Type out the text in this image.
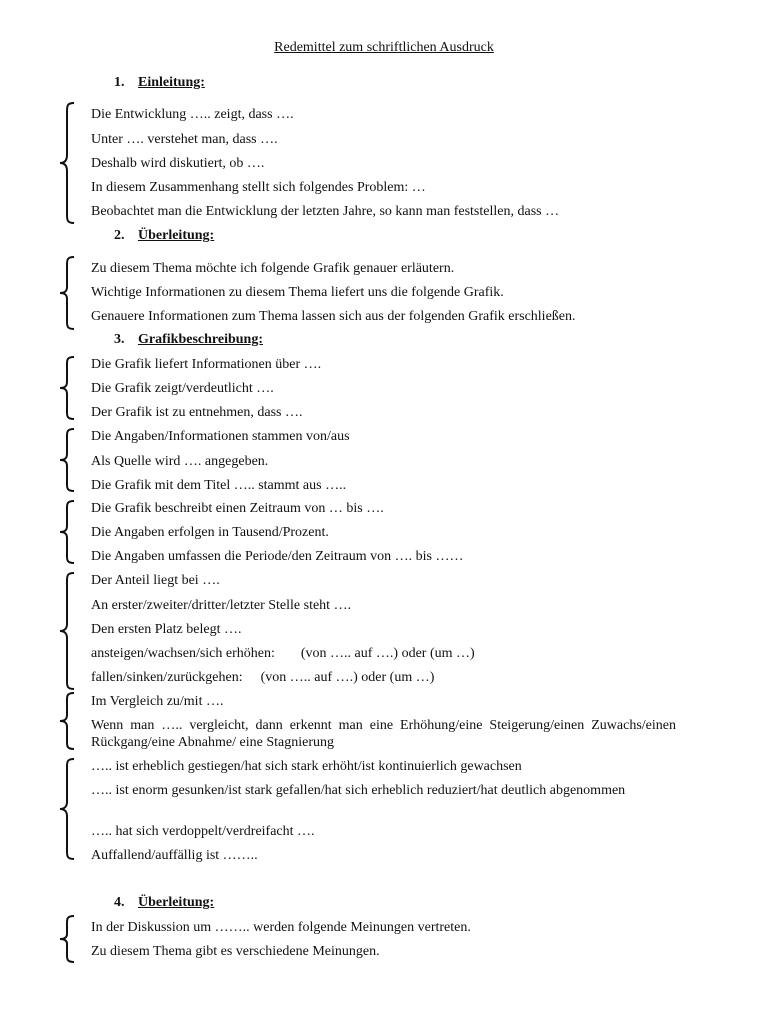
Redemittel zum schriftlichen Ausdruck
1. Einleitung:
Die Entwicklung ….. zeigt, dass ….
Unter …. verstehet man, dass ….
Deshalb wird diskutiert, ob ….
In diesem Zusammenhang stellt sich folgendes Problem: …
Beobachtet man die Entwicklung der letzten Jahre, so kann man feststellen, dass …
2. Überleitung:
Zu diesem Thema möchte ich folgende Grafik genauer erläutern.
Wichtige Informationen zu diesem Thema liefert uns die folgende Grafik.
Genauere Informationen zum Thema lassen sich aus der folgenden Grafik erschließen.
3. Grafikbeschreibung:
Die Grafik liefert Informationen über ….
Die Grafik zeigt/verdeutlicht ….
Der Grafik ist zu entnehmen, dass ….
Die Angaben/Informationen stammen von/aus
Als Quelle wird …. angegeben.
Die Grafik mit dem Titel ….. stammt aus …..
Die Grafik beschreibt einen Zeitraum von … bis ….
Die Angaben erfolgen in Tausend/Prozent.
Die Angaben umfassen die Periode/den Zeitraum von …. bis ……
Der Anteil liegt bei ….
An erster/zweiter/dritter/letzter Stelle steht ….
Den ersten Platz belegt ….
ansteigen/wachsen/sich erhöhen: (von ….. auf ….) oder (um …)
fallen/sinken/zurückgehen: (von ….. auf ….) oder (um …)
Im Vergleich zu/mit ….
Wenn man ….. vergleicht, dann erkennt man eine Erhöhung/eine Steigerung/einen Zuwachs/einen Rückgang/eine Abnahme/ eine Stagnierung
….. ist erheblich gestiegen/hat sich stark erhöht/ist kontinuierlich gewachsen
….. ist enorm gesunken/ist stark gefallen/hat sich erheblich reduziert/hat deutlich abgenommen
….. hat sich verdoppelt/verdreifacht ….
Auffallend/auffällig ist ……..
4. Überleitung:
In der Diskussion um …….. werden folgende Meinungen vertreten.
Zu diesem Thema gibt es verschiedene Meinungen.
